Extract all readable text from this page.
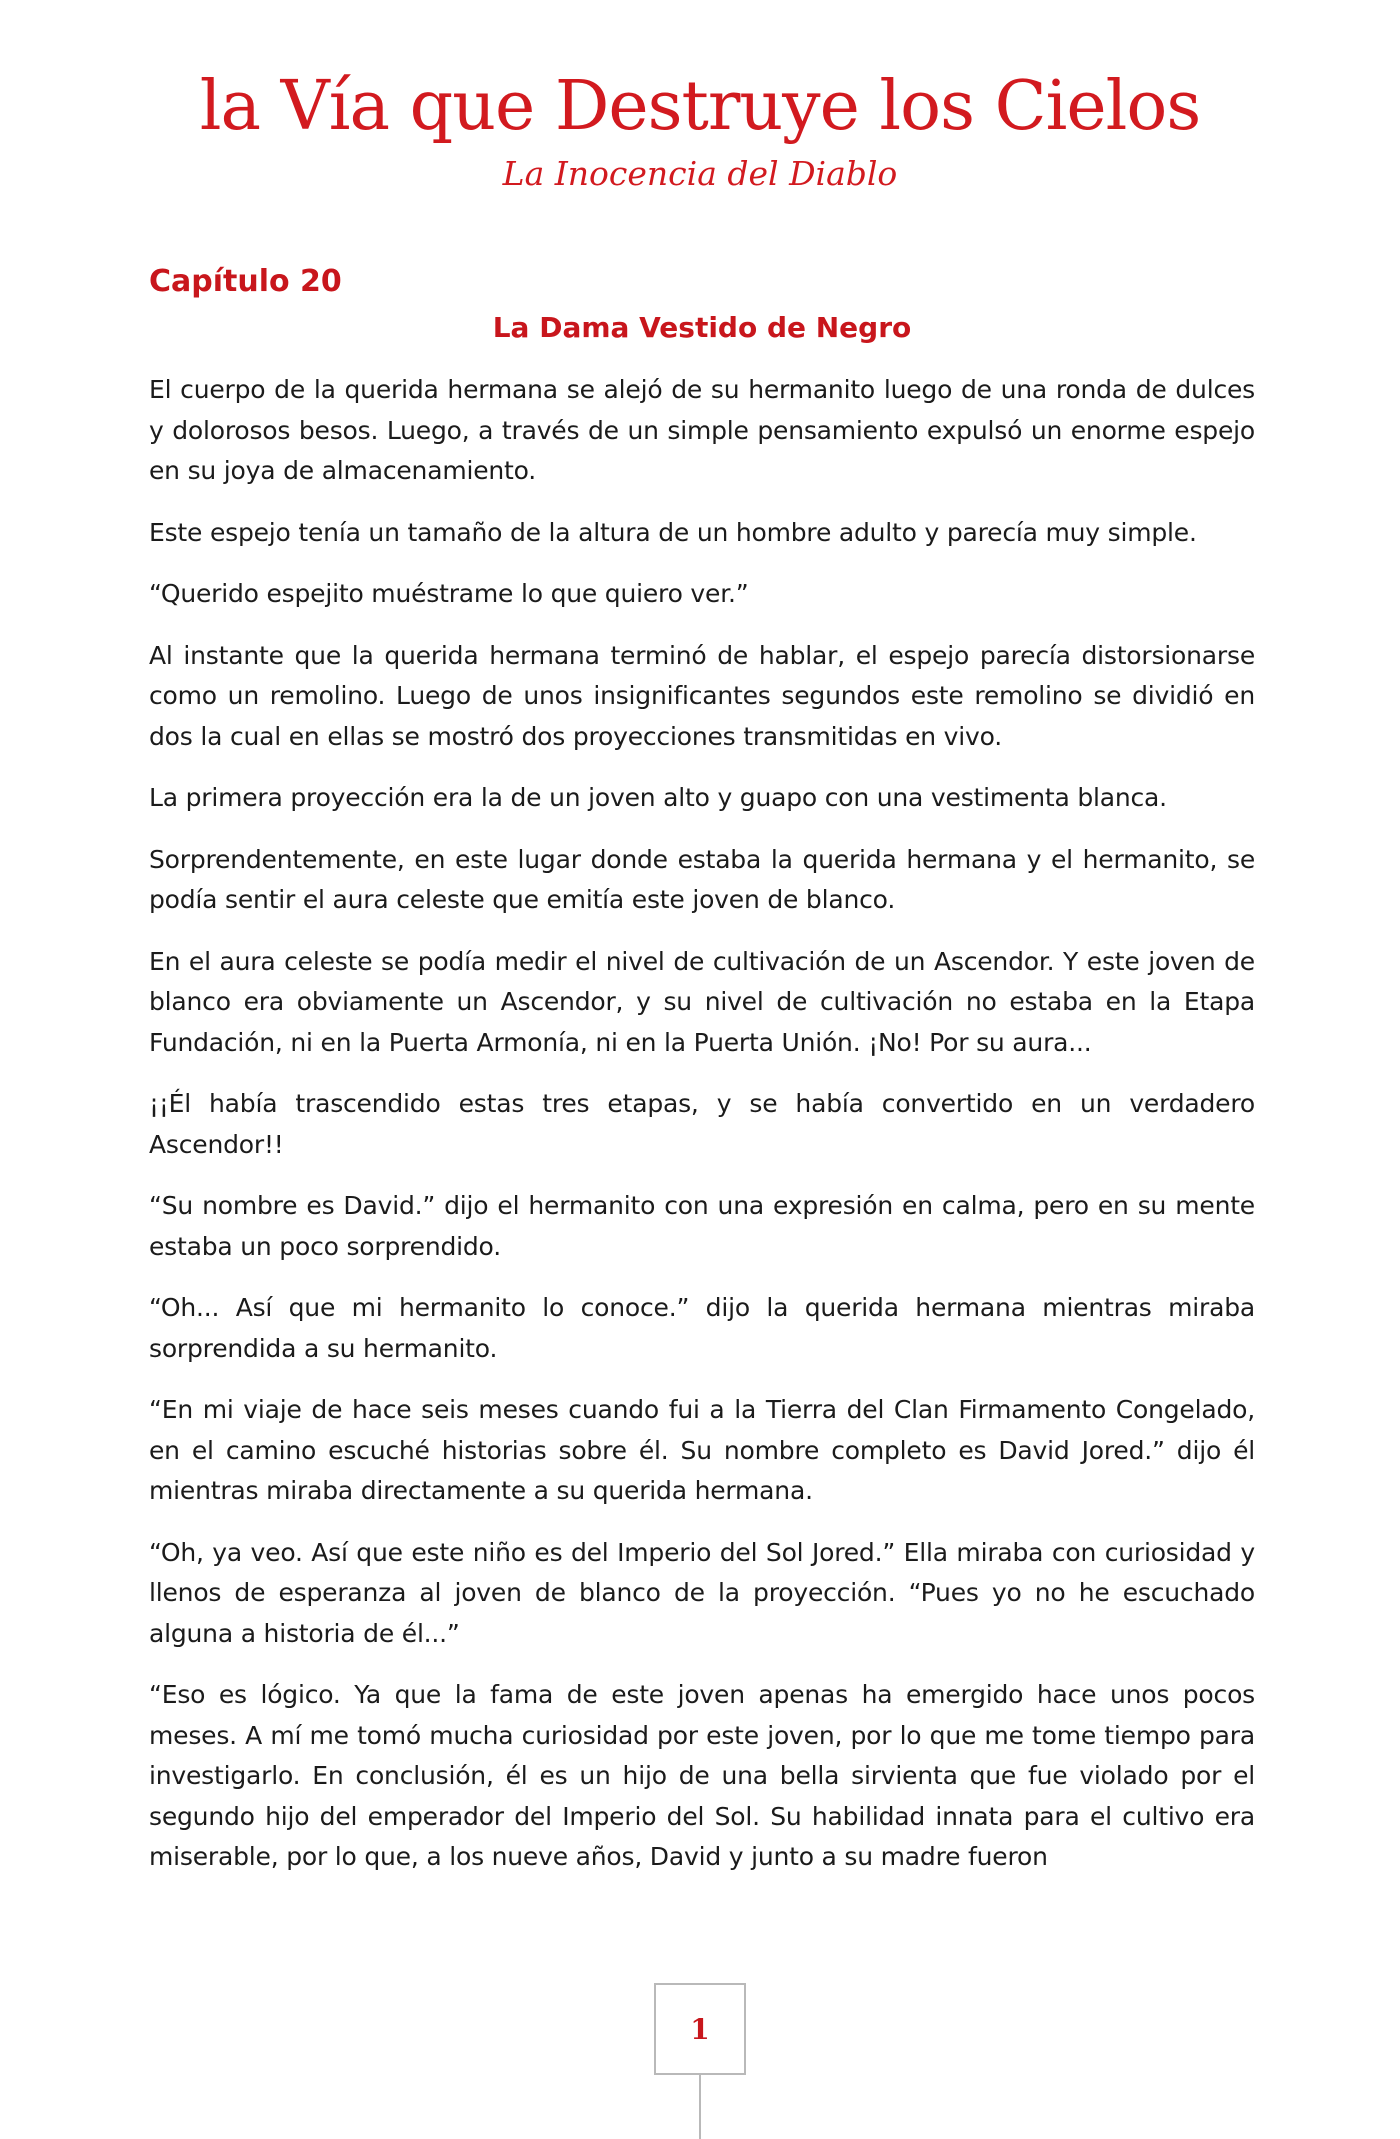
la Vía que Destruye los Cielos
La Inocencia del Diablo
Capítulo 20
La Dama Vestido de Negro

El cuerpo de la querida hermana se alejó de su hermanito luego de una ronda de dulces y dolorosos besos. Luego, a través de un simple pensamiento expulsó un enorme espejo en su joya de almacenamiento.

Este espejo tenía un tamaño de la altura de un hombre adulto y parecía muy simple.

“Querido espejito muéstrame lo que quiero ver.”

Al instante que la querida hermana terminó de hablar, el espejo parecía distorsionarse como un remolino. Luego de unos insignificantes segundos este remolino se dividió en dos la cual en ellas se mostró dos proyecciones transmitidas en vivo.

La primera proyección era la de un joven alto y guapo con una vestimenta blanca.

Sorprendentemente, en este lugar donde estaba la querida hermana y el hermanito, se podía sentir el aura celeste que emitía este joven de blanco.

En el aura celeste se podía medir el nivel de cultivación de un Ascendor. Y este joven de blanco era obviamente un Ascendor, y su nivel de cultivación no estaba en la Etapa Fundación, ni en la Puerta Armonía, ni en la Puerta Unión. ¡No! Por su aura...

¡¡Él había trascendido estas tres etapas, y se había convertido en un verdadero Ascendor!!

“Su nombre es David.” dijo el hermanito con una expresión en calma, pero en su mente estaba un poco sorprendido.

“Oh... Así que mi hermanito lo conoce.” dijo la querida hermana mientras miraba sorprendida a su hermanito.

“En mi viaje de hace seis meses cuando fui a la Tierra del Clan Firmamento Congelado, en el camino escuché historias sobre él. Su nombre completo es David Jored.” dijo él mientras miraba directamente a su querida hermana.

“Oh, ya veo. Así que este niño es del Imperio del Sol Jored.” Ella miraba con curiosidad y llenos de esperanza al joven de blanco de la proyección. “Pues yo no he escuchado alguna a historia de él...”

“Eso es lógico. Ya que la fama de este joven apenas ha emergido hace unos pocos meses. A mí me tomó mucha curiosidad por este joven, por lo que me tome tiempo para investigarlo. En conclusión, él es un hijo de una bella sirvienta que fue violado por el segundo hijo del emperador del Imperio del Sol. Su habilidad innata para el cultivo era miserable, por lo que, a los nueve años, David y junto a su madre fueron

1
